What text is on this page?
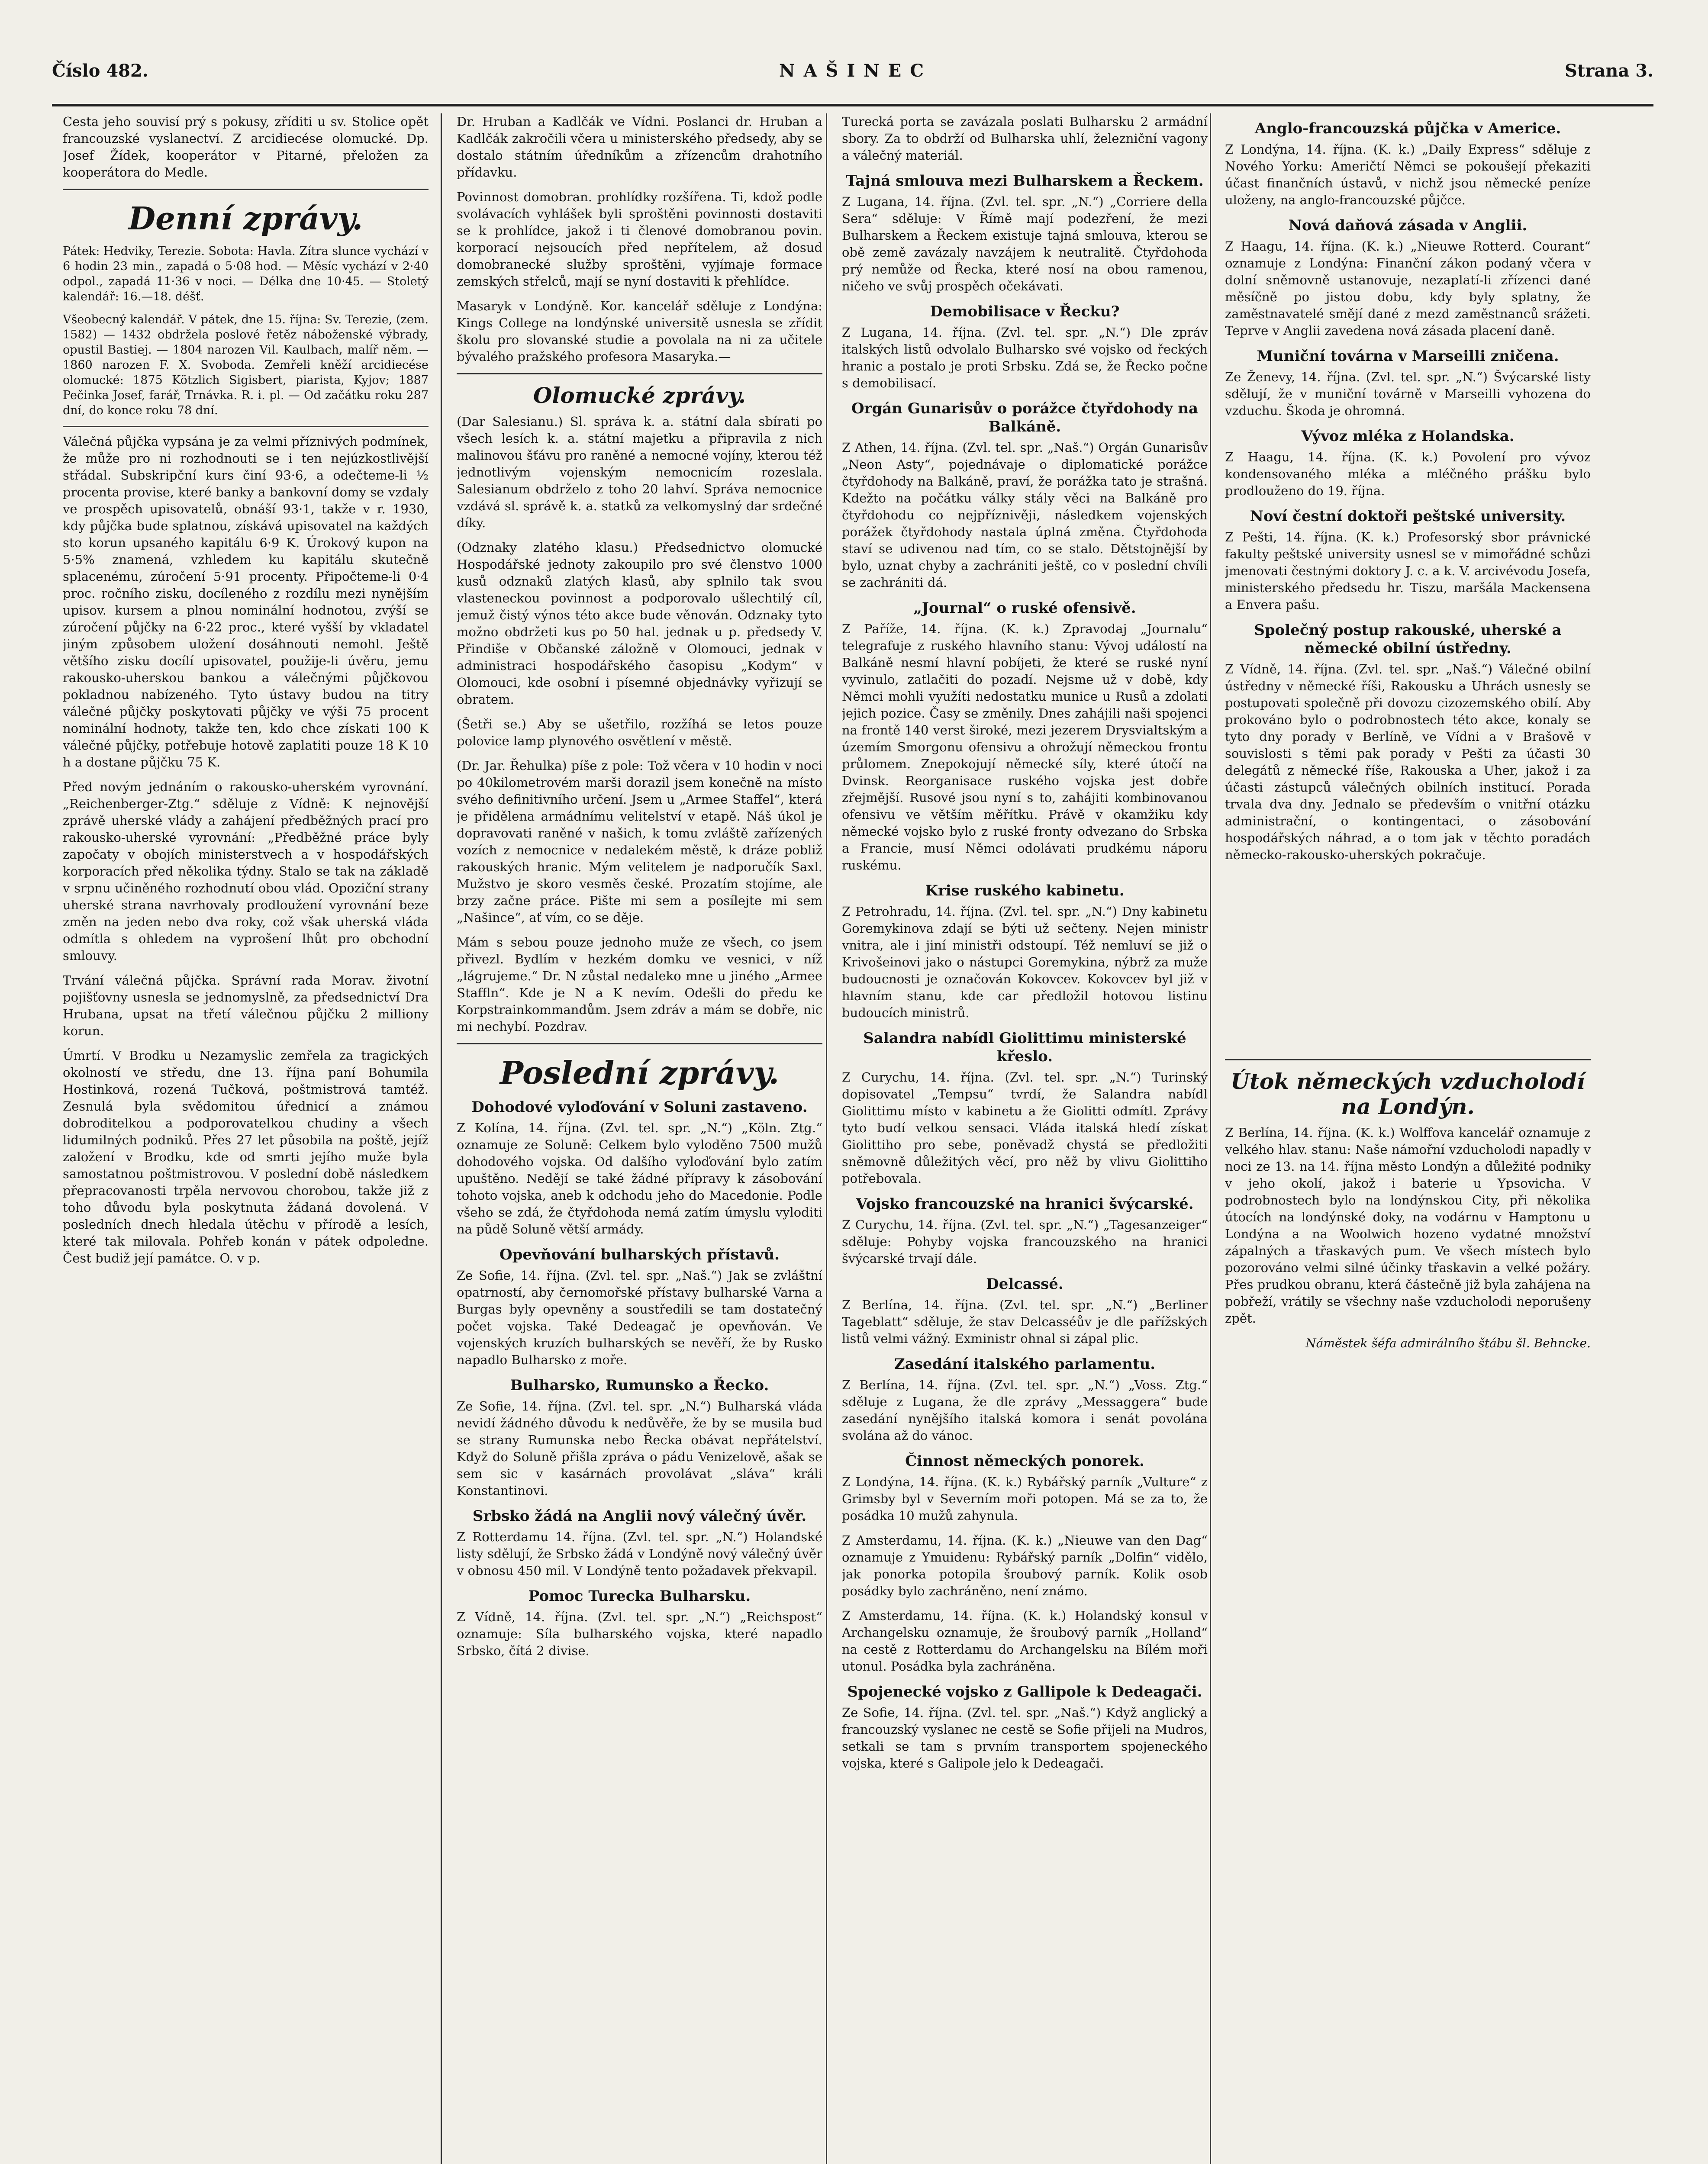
Číslo 482.	NAŠINEC	Strana 3.

Cesta jeho souvisí prý s pokusy, zříditi u sv. Stolice opět francouzské vyslanectví. Z arcidiecése olomucké. Dp. Josef Žídek, kooperátor v Pitarné, přeložen za kooperátora do Medle.

Denní zprávy.

Pátek: Hedviky, Terezie. Sobota: Havla. Zítra slunce vychází v 6 hodin 23 min., zapadá o 5·08 hod. — Měsíc vychází v 2·40 odpol., zapadá 11·36 v noci. — Délka dne 10·45. — Stoletý kalendář: 16.—18. déšť.

Všeobecný kalendář. V pátek, dne 15. října: Sv. Terezie, (zem. 1582) — 1432 obdržela poslové řetěz náboženské výbrady, opustil Bastiej. — 1804 narozen Vil. Kaulbach, malíř něm. — 1860 narozen F. X. Svoboda. Zemřeli kněží arcidiecése olomucké: 1875 Kötzlich Sigisbert, piarista, Kyjov; 1887 Pečinka Josef, farář, Trnávka. R. i. pl. — Od začátku roku 287 dní, do konce roku 78 dní.

Válečná půjčka vypsána je za velmi příznivých podmínek, že může pro ni rozhodnouti se i ten nejúzkostlivější střádal. Subskripční kurs činí 93·6, a odečteme-li ½ procenta provise, které banky a bankovní domy se vzdaly ve prospěch upisovatelů, obnáší 93·1, takže v r. 1930, kdy půjčka bude splatnou, získává upisovatel na každých sto korun upsaného kapitálu 6·9 K. Úrokový kupon na 5·5% znamená, vzhledem ku kapitálu skutečně splacenému, zúročení 5·91 procenty. Připočteme-li 0·4 proc. ročního zisku, docíleného z rozdílu mezi nynějším upisov. kursem a plnou nominální hodnotou, zvýší se zúročení půjčky na 6·22 proc., které vyšší by vkladatel jiným způsobem uložení dosáhnouti nemohl. Ještě většího zisku docílí upisovatel, použije-li úvěru, jemu rakousko-uherskou bankou a válečnými půjčkovou pokladnou nabízeného. Tyto ústavy budou na titry válečné půjčky poskytovati půjčky ve výši 75 procent nominální hodnoty, takže ten, kdo chce získati 100 K válečné půjčky, potřebuje hotově zaplatiti pouze 18 K 10 h a dostane půjčku 75 K.

Před novým jednáním o rakousko-uherském vyrovnání. „Reichenberger-Ztg.“ sděluje z Vídně: K nejnovější zprávě uherské vlády a zahájení předběžných prací pro rakousko-uherské vyrovnání: „Předběžné práce byly započaty v obojích ministerstvech a v hospodářských korporacích před několika týdny. Stalo se tak na základě v srpnu učiněného rozhodnutí obou vlád. Opoziční strany uherské strana navrhovaly prodloužení vyrovnání beze změn na jeden nebo dva roky, což však uherská vláda odmítla s ohledem na vyprošení lhůt pro obchodní smlouvy.

Trvání válečná půjčka. Správní rada Morav. životní pojišťovny usnesla se jednomyslně, za předsednictví Dra Hrubana, upsat na třetí válečnou půjčku 2 milliony korun.

Úmrtí. V Brodku u Nezamyslic zemřela za tragických okolností ve středu, dne 13. října paní Bohumila Hostinková, rozená Tučková, poštmistrová tamtéž. Zesnulá byla svědomitou úřednicí a známou dobroditelkou a podporovatelkou chudiny a všech lidumilných podniků. Přes 27 let působila na poště, jejíž založení v Brodku, kde od smrti jejího muže byla samostatnou poštmistrovou. V poslední době následkem přepracovanosti trpěla nervovou chorobou, takže již z toho důvodu byla poskytnuta žádaná dovolená. V posledních dnech hledala útěchu v přírodě a lesích, které tak milovala. Pohřeb konán v pátek odpoledne. Čest budiž její památce. O. v p.

Dr. Hruban a Kadlčák ve Vídni. Poslanci dr. Hruban a Kadlčák zakročili včera u ministerského předsedy, aby se dostalo státním úředníkům a zřízencům drahotního přídavku.

Povinnost domobran. prohlídky rozšířena. Ti, kdož podle svolávacích vyhlášek byli sproštěni povinnosti dostaviti se k prohlídce, jakož i ti členové domobranou povin. korporací nejsoucích před nepřítelem, až dosud domobranecké služby sproštěni, vyjímaje formace zemských střelců, mají se nyní dostaviti k přehlídce.

Masaryk v Londýně. Kor. kancelář sděluje z Londýna: Kings College na londýnské universitě usnesla se zřídit školu pro slovanské studie a povolala na ni za učitele bývalého pražského profesora Masaryka.—

Olomucké zprávy.

(Dar Salesianu.) Sl. správa k. a. státní dala sbírati po všech lesích k. a. státní majetku a připravila z nich malinovou šťávu pro raněné a nemocné vojíny, kterou též jednotlivým vojenským nemocnicím rozeslala. Salesianum obdrželo z toho 20 lahví. Správa nemocnice vzdává sl. správě k. a. statků za velkomyslný dar srdečné díky.

(Odznaky zlatého klasu.) Předsednictvo olomucké Hospodářské jednoty zakoupilo pro své členstvo 1000 kusů odznaků zlatých klasů, aby splnilo tak svou vlasteneckou povinnost a podporovalo ušlechtilý cíl, jemuž čistý výnos této akce bude věnován. Odznaky tyto možno obdržeti kus po 50 hal. jednak u p. předsedy V. Přindiše v Občanské záložně v Olomouci, jednak v administraci hospodářského časopisu „Kodym“ v Olomouci, kde osobní i písemné objednávky vyřizují se obratem.

(Šetři se.) Aby se ušetřilo, rozžíhá se letos pouze polovice lamp plynového osvětlení v městě.

(Dr. Jar. Řehulka) píše z pole: Tož včera v 10 hodin v noci po 40kilometrovém marši dorazil jsem konečně na místo svého definitivního určení. Jsem u „Armee Staffel“, která je přidělena armádnímu velitelství v etapě. Náš úkol je dopravovati raněné v našich, k tomu zvláště zařízených vozích z nemocnice v nedalekém městě, k dráze pobliž rakouských hranic. Mým velitelem je nadporučík Saxl. Mužstvo je skoro vesměs české. Prozatím stojíme, ale brzy začne práce. Pište mi sem a posílejte mi sem „Našince“, ať vím, co se děje.

Mám s sebou pouze jednoho muže ze všech, co jsem přivezl. Bydlím v hezkém domku ve vesnici, v níž „lágrujeme.“ Dr. N zůstal nedaleko mne u jiného „Armee Staffln“. Kde je N a K nevím. Odešli do předu ke Korpstrainkommandům. Jsem zdráv a mám se dobře, nic mi nechybí. Pozdrav.

Poslední zprávy.
Dohodové vyloďování v Soluni zastaveno.

Z Kolína, 14. října. (Zvl. tel. spr. „N.“) „Köln. Ztg.“ oznamuje ze Soluně: Celkem bylo vyloděno 7500 mužů dohodového vojska. Od dalšího vyloďování bylo zatím upuštěno. Nedějí se také žádné přípravy k zásobování tohoto vojska, aneb k odchodu jeho do Macedonie. Podle všeho se zdá, že čtyřdohoda nemá zatím úmyslu vyloditi na půdě Soluně větší armády.

Opevňování bulharských přístavů.

Ze Sofie, 14. října. (Zvl. tel. spr. „Naš.“) Jak se zvláštní opatrností, aby černomořské přístavy bulharské Varna a Burgas byly opevněny a soustředili se tam dostatečný počet vojska. Také Dedeagač je opevňován. Ve vojenských kruzích bulharských se nevěří, že by Rusko napadlo Bulharsko z moře.

Bulharsko, Rumunsko a Řecko.

Ze Sofie, 14. října. (Zvl. tel. spr. „N.“) Bulharská vláda nevidí žádného důvodu k nedůvěře, že by se musila bud se strany Rumunska nebo Řecka obávat nepřátelství. Když do Soluně přišla zpráva o pádu Venizelově, ašak se sem sic v kasárnách provolávat „sláva“ králi Konstantinovi.

Srbsko žádá na Anglii nový válečný úvěr.

Z Rotterdamu 14. října. (Zvl. tel. spr. „N.“) Holandské listy sdělují, že Srbsko žádá v Londýně nový válečný úvěr v obnosu 450 mil. V Londýně tento požadavek překvapil.

Pomoc Turecka Bulharsku.

Z Vídně, 14. října. (Zvl. tel. spr. „N.“) „Reichspost“ oznamuje: Síla bulharského vojska, které napadlo Srbsko, čítá 2 divise.

Turecká porta se zavázala poslati Bulharsku 2 armádní sbory. Za to obdrží od Bulharska uhlí, železniční vagony a válečný materiál.

Tajná smlouva mezi Bulharskem a Řeckem.

Z Lugana, 14. října. (Zvl. tel. spr. „N.“) „Corriere della Sera“ sděluje: V Římě mají podezření, že mezi Bulharskem a Řeckem existuje tajná smlouva, kterou se obě země zavázaly navzájem k neutralitě. Čtyřdohoda prý nemůže od Řecka, které nosí na obou ramenou, ničeho ve svůj prospěch očekávati.

Demobilisace v Řecku?

Z Lugana, 14. října. (Zvl. tel. spr. „N.“) Dle zpráv italských listů odvolalo Bulharsko své vojsko od řeckých hranic a postalo je proti Srbsku. Zdá se, že Řecko počne s demobilisací.

Orgán Gunarisův o porážce čtyřdohody na Balkáně.

Z Athen, 14. října. (Zvl. tel. spr. „Naš.“) Orgán Gunarisův „Neon Asty“, pojednávaje o diplomatické porážce čtyřdohody na Balkáně, praví, že porážka tato je strašná. Kdežto na počátku války stály věci na Balkáně pro čtyřdohodu co nejpříznivěji, následkem vojenských porážek čtyřdohody nastala úplná změna. Čtyřdohoda staví se udivenou nad tím, co se stalo. Dětstojnější by bylo, uznat chyby a zachrániti ještě, co v poslední chvíli se zachrániti dá.

„Journal“ o ruské ofensivě.

Z Paříže, 14. října. (K. k.) Zpravodaj „Journalu“ telegrafuje z ruského hlavního stanu: Vývoj událostí na Balkáně nesmí hlavní pobíjeti, že které se ruské nyní vyvinulo, zatlačiti do pozadí. Nejsme už v době, kdy Němci mohli využíti nedostatku munice u Rusů a zdolati jejich pozice. Časy se změnily. Dnes zahájili naši spojenci na frontě 140 verst široké, mezi jezerem Drysvialtským a územím Smorgonu ofensivu a ohrožují německou frontu průlomem. Znepokojují německé síly, které útočí na Dvinsk. Reorganisace ruského vojska jest dobře zřejmější. Rusové jsou nyní s to, zahájiti kombinovanou ofensivu ve větším měřítku. Právě v okamžiku kdy německé vojsko bylo z ruské fronty odvezano do Srbska a Francie, musí Němci odolávati prudkému náporu ruskému.

Krise ruského kabinetu.

Z Petrohradu, 14. října. (Zvl. tel. spr. „N.“) Dny kabinetu Goremykinova zdají se býti už sečteny. Nejen ministr vnitra, ale i jiní ministři odstoupí. Též nemluví se již o Krivošeinovi jako o nástupci Goremykina, nýbrž za muže budoucnosti je označován Kokovcev. Kokovcev byl již v hlavním stanu, kde car předložil hotovou listinu budoucích ministrů.

Salandra nabídl Giolittimu ministerské křeslo.

Z Curychu, 14. října. (Zvl. tel. spr. „N.“) Turinský dopisovatel „Tempsu“ tvrdí, že Salandra nabídl Giolittimu místo v kabinetu a že Giolitti odmítl. Zprávy tyto budí velkou sensaci. Vláda italská hledí získat Giolittiho pro sebe, poněvadž chystá se předložiti sněmovně důležitých věcí, pro něž by vlivu Giolittiho potřebovala.

Vojsko francouzské na hranici švýcarské.

Z Curychu, 14. října. (Zvl. tel. spr. „N.“) „Tagesanzeiger“ sděluje: Pohyby vojska francouzského na hranici švýcarské trvají dále.

Delcassé.

Z Berlína, 14. října. (Zvl. tel. spr. „N.“) „Berliner Tageblatt“ sděluje, že stav Delcasséův je dle pařížských listů velmi vážný. Exministr ohnal si zápal plic.

Zasedání italského parlamentu.

Z Berlína, 14. října. (Zvl. tel. spr. „N.“) „Voss. Ztg.“ sděluje z Lugana, že dle zprávy „Messaggera“ bude zasedání nynějšího italská komora i senát povolána svolána až do vánoc.

Činnost německých ponorek.

Z Londýna, 14. října. (K. k.) Rybářský parník „Vulture“ z Grimsby byl v Severním moři potopen. Má se za to, že posádka 10 mužů zahynula.

Z Amsterdamu, 14. října. (K. k.) „Nieuwe van den Dag“ oznamuje z Ymuidenu: Rybářský parník „Dolfin“ vidělo, jak ponorka potopila šroubový parník. Kolik osob posádky bylo zachráněno, není známo.

Z Amsterdamu, 14. října. (K. k.) Holandský konsul v Archangelsku oznamuje, že šroubový parník „Holland“ na cestě z Rotterdamu do Archangelsku na Bílém moři utonul. Posádka byla zachráněna.

Spojenecké vojsko z Gallipole k Dedeagači.

Ze Sofie, 14. října. (Zvl. tel. spr. „Naš.“) Když anglický a francouzský vyslanec ne cestě se Sofie přijeli na Mudros, setkali se tam s prvním transportem spojeneckého vojska, které s Galipole jelo k Dedeagači.

Anglo-francouzská půjčka v Americe.

Z Londýna, 14. října. (K. k.) „Daily Express“ sděluje z Nového Yorku: Američtí Němci se pokoušejí překaziti účast finančních ústavů, v nichž jsou německé peníze uloženy, na anglo-francouzské půjčce.

Nová daňová zásada v Anglii.

Z Haagu, 14. října. (K. k.) „Nieuwe Rotterd. Courant“ oznamuje z Londýna: Finanční zákon podaný včera v dolní sněmovně ustanovuje, nezaplatí-li zřízenci dané měsíčně po jistou dobu, kdy byly splatny, že zaměstnavatelé smějí dané z mezd zaměstnanců srážeti. Teprve v Anglii zavedena nová zásada placení daně.

Muniční továrna v Marseilli zničena.

Ze Ženevy, 14. října. (Zvl. tel. spr. „N.“) Švýcarské listy sdělují, že v muniční továrně v Marseilli vyhozena do vzduchu. Škoda je ohromná.

Vývoz mléka z Holandska.

Z Haagu, 14. října. (K. k.) Povolení pro vývoz kondensovaného mléka a mléčného prášku bylo prodlouženo do 19. října.

Noví čestní doktoři peštské university.

Z Pešti, 14. října. (K. k.) Profesorský sbor právnické fakulty peštské university usnesl se v mimořádné schůzi jmenovati čestnými doktory J. c. a k. V. arcivévodu Josefa, ministerského předsedu hr. Tiszu, maršála Mackensena a Envera pašu.

Společný postup rakouské, uherské a německé obilní ústředny.

Z Vídně, 14. října. (Zvl. tel. spr. „Naš.“) Válečné obilní ústředny v německé říši, Rakousku a Uhrách usnesly se postupovati společně při dovozu cizozemského obilí. Aby prokováno bylo o podrobnostech této akce, konaly se tyto dny porady v Berlíně, ve Vídni a v Brašově v souvislosti s těmi pak porady v Pešti za účasti 30 delegátů z německé říše, Rakouska a Uher, jakož i za účasti zástupců válečných obilních institucí. Porada trvala dva dny. Jednalo se především o vnitřní otázku administrační, o kontingentaci, o zásobování hospodářských náhrad, a o tom jak v těchto poradách německo-rakousko-uherských pokračuje.

Útok německých vzducholodí na Londýn.

Z Berlína, 14. října. (K. k.) Wolffova kancelář oznamuje z velkého hlav. stanu: Naše námořní vzducholodi napadly v noci ze 13. na 14. října město Londýn a důležité podniky v jeho okolí, jakož i baterie u Ypsovicha. V podrobnostech bylo na londýnskou City, při několika útocích na londýnské doky, na vodárnu v Hamptonu u Londýna a na Woolwich hozeno vydatné množství zápalných a třaskavých pum. Ve všech místech bylo pozorováno velmi silné účinky třaskavin a velké požáry. Přes prudkou obranu, která částečně již byla zahájena na pobřeží, vrátily se všechny naše vzducholodi neporušeny zpět.

Náměstek šéfa admirálního štábu šl. Behncke.
